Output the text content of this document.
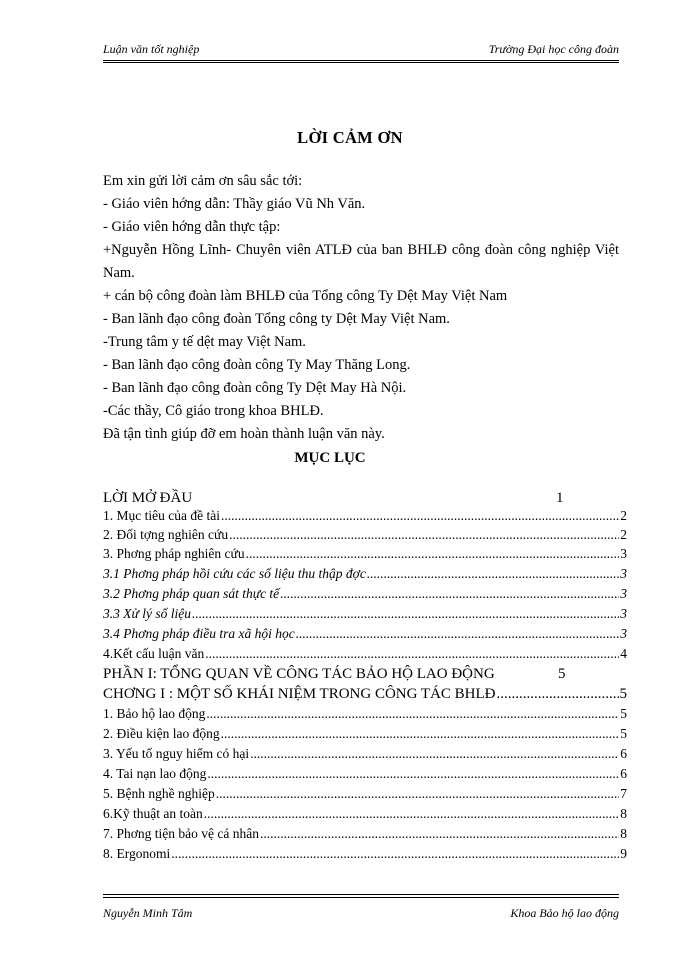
Luận văn tốt nghiệp	Trường Đại học công đoàn
LỜI CẢM ƠN
Em xin gửi lời cảm ơn sâu sắc tới:
- Giáo viên hớng dẫn: Thầy giáo Vũ Nh Văn.
- Giáo viên hớng dẫn thực tập:
+Nguyễn Hồng Lĩnh- Chuyên viên ATLĐ của ban BHLĐ công đoàn công nghiệp Việt Nam.
+ cán bộ công đoàn làm BHLĐ của Tổng công Ty Dệt May Việt Nam
- Ban lãnh đạo công đoàn Tổng công ty Dệt May Việt Nam.
-Trung tâm y tế dệt may Việt Nam.
- Ban lãnh đạo công đoàn công Ty May Thăng Long.
- Ban lãnh đạo công đoàn công Ty Dệt May Hà Nội.
-Các thầy, Cô giáo trong khoa BHLĐ.
Đã tận tình giúp đỡ em hoàn thành luận văn này.
MỤC LỤC
LỜI MỞ ĐẦU	1
1. Mục tiêu của đề tài .....	2
2. Đối tợng nghiên cứu .....	2
3. Phơng pháp nghiên cứu .....	3
3.1 Phơng pháp hồi cứu các số liệu thu thập đợc .....	3
3.2 Phơng pháp quan sát thực tế .....	3
3.3 Xử lý số liệu .....	3
3.4 Phơng pháp điều tra xã hội học .....	3
4.Kết cấu luận văn .....	4
PHẦN I: TỔNG QUAN VỀ CÔNG TÁC BẢO HỘ LAO ĐỘNG	5
CHƠNG I : MỘT SỐ KHÁI NIỆM TRONG CÔNG TÁC BHLĐ .....	5
1. Bảo hộ lao động .....	5
2. Điều kiện lao động .....	5
3. Yếu tố nguy hiểm có hại .....	6
4. Tai nạn lao động .....	6
5. Bệnh nghề nghiệp .....	7
6.Kỹ thuật an toàn .....	8
7. Phơng tiện bảo vệ cá nhân .....	8
8. Ergonomi .....	9
Nguyễn Minh Tâm	Khoa Bảo hộ lao động
